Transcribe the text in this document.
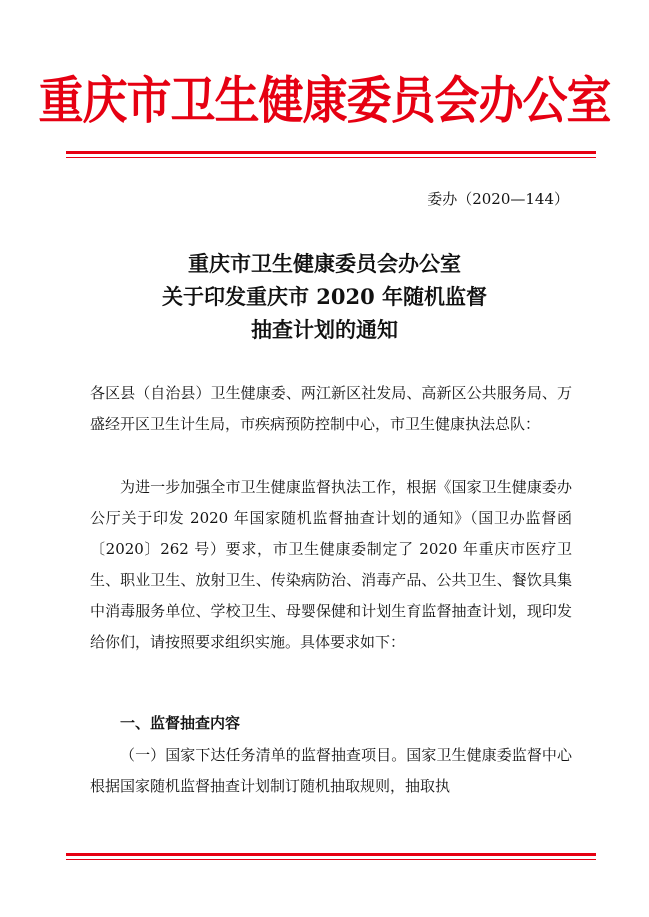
重庆市卫生健康委员会办公室
委办（2020—144）
重庆市卫生健康委员会办公室
关于印发重庆市 2020 年随机监督
抽查计划的通知
各区县（自治县）卫生健康委、两江新区社发局、高新区公共服务局、万盛经开区卫生计生局，市疾病预防控制中心，市卫生健康执法总队：
为进一步加强全市卫生健康监督执法工作，根据《国家卫生健康委办公厅关于印发 2020 年国家随机监督抽查计划的通知》（国卫办监督函〔2020〕262 号）要求，市卫生健康委制定了 2020 年重庆市医疗卫生、职业卫生、放射卫生、传染病防治、消毒产品、公共卫生、餐饮具集中消毒服务单位、学校卫生、母婴保健和计划生育监督抽查计划，现印发给你们，请按照要求组织实施。具体要求如下：
一、监督抽查内容
（一）国家下达任务清单的监督抽查项目。国家卫生健康委监督中心根据国家随机监督抽查计划制订随机抽取规则，抽取执
